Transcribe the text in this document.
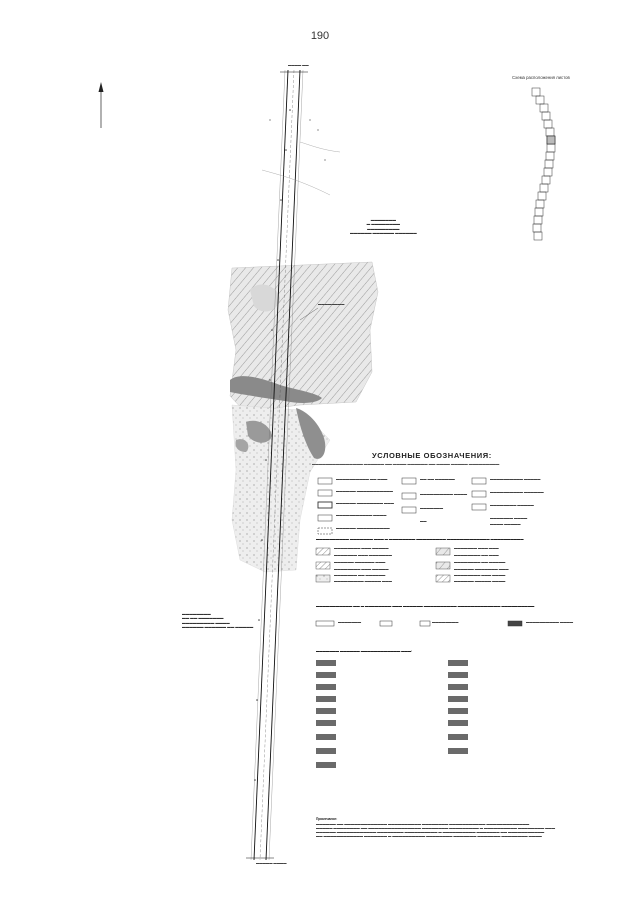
190
Схема расположения листов
▬▬▬▬ ▬▬
▬▬▬▬▬ ▬▬▬▬
▬▬▬▬▬▬▬
▬ ▬▬▬▬▬▬▬▬
▬▬▬▬▬▬▬▬▬
▬▬▬▬▬▬ ▬▬▬▬▬▬ ▬▬▬▬▬▬
▬▬▬▬▬▬▬▬
▬▬▬▬▬▬▬▬
▬▬ ▬▬ ▬▬▬▬▬▬▬
▬▬▬▬▬▬▬▬▬ ▬▬▬▬
▬▬▬▬▬▬ ▬▬▬▬▬▬ ▬▬ ▬▬▬▬▬
УСЛОВНЫЕ ОБОЗНАЧЕНИЯ:
▬▬▬▬▬▬▬▬▬▬▬▬▬▬▬ ▬▬▬▬▬▬ ▬▬ ▬▬▬▬ ▬▬▬▬▬▬ ▬▬ ▬▬▬▬ ▬▬▬▬▬ ▬▬▬▬▬▬▬▬▬
▬▬▬▬▬▬▬▬▬▬ ▬▬ ▬▬▬
▬▬▬▬▬▬ ▬▬▬▬▬▬▬▬▬▬▬
▬▬▬▬▬▬ ▬▬▬▬▬▬▬▬ ▬▬▬
▬▬▬▬▬▬▬▬▬▬▬ ▬▬▬▬
▬▬▬▬▬▬ ▬▬▬▬▬▬▬▬▬▬
▬▬ ▬▬ ▬▬▬▬▬▬
▬▬▬▬▬▬▬▬▬▬ ▬▬▬▬
▬▬▬▬▬▬▬
▬▬
▬▬▬▬▬▬▬▬▬▬ ▬▬▬▬▬
▬▬▬▬▬▬▬▬▬▬ ▬▬▬▬▬▬
▬▬▬▬▬▬▬▬ ▬▬▬▬▬
▬▬▬▬▬▬▬ ▬▬▬▬
▬▬▬▬ ▬▬▬▬▬
▬▬▬▬▬▬▬▬▬▬ ▬▬▬▬▬▬▬ ▬▬▬ ▬ ▬▬▬▬▬▬▬▬ ▬▬▬▬▬▬▬▬▬ ▬▬▬▬▬▬▬▬▬▬▬▬▬ ▬▬▬▬▬▬▬▬▬▬
▬▬▬▬▬▬▬▬ ▬▬▬ ▬▬▬▬▬
▬▬▬▬▬▬▬ ▬▬▬ ▬▬▬▬▬▬▬
▬▬▬▬▬▬ ▬▬▬▬▬▬ ▬▬▬
▬▬▬▬▬▬▬▬ ▬▬▬ ▬▬▬▬▬
▬▬▬▬▬▬▬ ▬▬ ▬▬▬▬▬▬
▬▬▬▬▬▬▬▬▬ ▬▬▬▬▬ ▬▬▬
▬▬▬▬▬▬▬ ▬▬▬ ▬▬▬
▬▬▬▬▬▬▬▬ ▬▬ ▬▬▬
▬▬▬▬▬▬▬▬ ▬▬ ▬▬▬▬▬
▬▬▬▬▬▬ ▬▬▬▬▬▬▬ ▬▬▬
▬▬▬▬▬▬▬▬ ▬▬▬ ▬▬▬▬
▬▬▬▬▬▬ ▬▬▬▬▬ ▬▬▬▬
▬▬▬▬▬▬▬▬▬▬▬ ▬▬ ▬ ▬▬▬▬▬▬▬▬ ▬▬▬ ▬▬▬▬▬▬ ▬▬▬▬▬▬▬▬▬▬ ▬▬▬▬▬▬▬▬▬▬▬▬▬ ▬▬▬▬▬▬▬▬▬▬
▬▬▬▬▬▬▬	▬▬▬▬▬▬▬▬	▬▬▬▬▬▬▬▬▬▬ ▬▬▬▬
▬▬▬▬▬▬▬ ▬▬▬▬▬▬ ▬▬▬▬▬▬▬▬▬▬▬▬ ▬▬▬:
Примечание:
▬▬▬▬▬▬ ▬▬ ▬▬▬▬▬▬▬▬▬▬▬▬▬ ▬▬▬▬▬▬▬▬▬▬ ▬▬▬▬▬▬▬▬ ▬▬▬▬▬▬▬▬▬▬▬ ▬▬▬▬▬▬▬▬▬▬▬▬▬
▬▬▬▬▬ ▬▬▬▬▬▬▬▬ ▬▬ ▬▬▬▬▬▬▬▬▬▬▬▬▬▬▬▬ ▬▬▬▬▬▬▬▬ ▬▬▬▬▬▬▬▬▬ ▬ ▬▬▬▬▬▬▬▬▬▬ ▬▬▬▬▬▬▬▬ ▬▬▬
▬▬▬▬▬▬ ▬▬▬▬▬▬▬▬▬▬▬▬ ▬▬▬▬▬▬▬▬ ▬▬▬▬▬▬▬▬▬▬ ▬ ▬▬▬▬▬▬▬▬▬▬ ▬▬▬▬▬▬▬ ▬▬ ▬▬▬▬▬▬▬▬▬▬▬
▬▬ ▬▬▬▬▬▬▬▬▬▬▬▬ ▬▬▬▬▬▬▬ ▬ ▬▬▬▬▬▬▬▬▬▬ ▬▬▬▬▬▬▬▬ ▬▬▬▬▬▬▬ ▬▬▬▬▬▬▬ ▬▬▬▬▬▬▬▬ ▬▬▬▬
